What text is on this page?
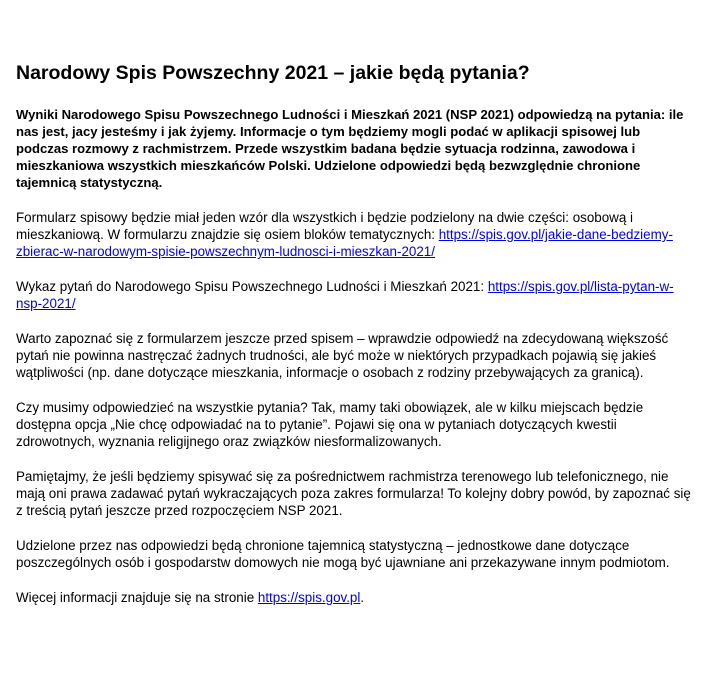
Narodowy Spis Powszechny 2021 – jakie będą pytania?

Wyniki Narodowego Spisu Powszechnego Ludności i Mieszkań 2021 (NSP 2021) odpowiedzą na pytania: ile nas jest, jacy jesteśmy i jak żyjemy. Informacje o tym będziemy mogli podać w aplikacji spisowej lub podczas rozmowy z rachmistrzem. Przede wszystkim badana będzie sytuacja rodzinna, zawodowa i mieszkaniowa wszystkich mieszkańców Polski. Udzielone odpowiedzi będą bezwzględnie chronione tajemnicą statystyczną.

Formularz spisowy będzie miał jeden wzór dla wszystkich i będzie podzielony na dwie części: osobową i mieszkaniową. W formularzu znajdzie się osiem bloków tematycznych: https://spis.gov.pl/jakie-dane-bedziemy-zbierac-w-narodowym-spisie-powszechnym-ludnosci-i-mieszkan-2021/

Wykaz pytań do Narodowego Spisu Powszechnego Ludności i Mieszkań 2021: https://spis.gov.pl/lista-pytan-w-nsp-2021/

Warto zapoznać się z formularzem jeszcze przed spisem – wprawdzie odpowiedź na zdecydowaną większość pytań nie powinna nastręczać żadnych trudności, ale być może w niektórych przypadkach pojawią się jakieś wątpliwości (np. dane dotyczące mieszkania, informacje o osobach z rodziny przebywających za granicą).

Czy musimy odpowiedzieć na wszystkie pytania? Tak, mamy taki obowiązek, ale w kilku miejscach będzie dostępna opcja „Nie chcę odpowiadać na to pytanie”. Pojawi się ona w pytaniach dotyczących kwestii zdrowotnych, wyznania religijnego oraz związków niesformalizowanych.

Pamiętajmy, że jeśli będziemy spisywać się za pośrednictwem rachmistrza terenowego lub telefonicznego, nie mają oni prawa zadawać pytań wykraczających poza zakres formularza! To kolejny dobry powód, by zapoznać się z treścią pytań jeszcze przed rozpoczęciem NSP 2021.

Udzielone przez nas odpowiedzi będą chronione tajemnicą statystyczną – jednostkowe dane dotyczące poszczególnych osób i gospodarstw domowych nie mogą być ujawniane ani przekazywane innym podmiotom.

Więcej informacji znajduje się na stronie https://spis.gov.pl.
